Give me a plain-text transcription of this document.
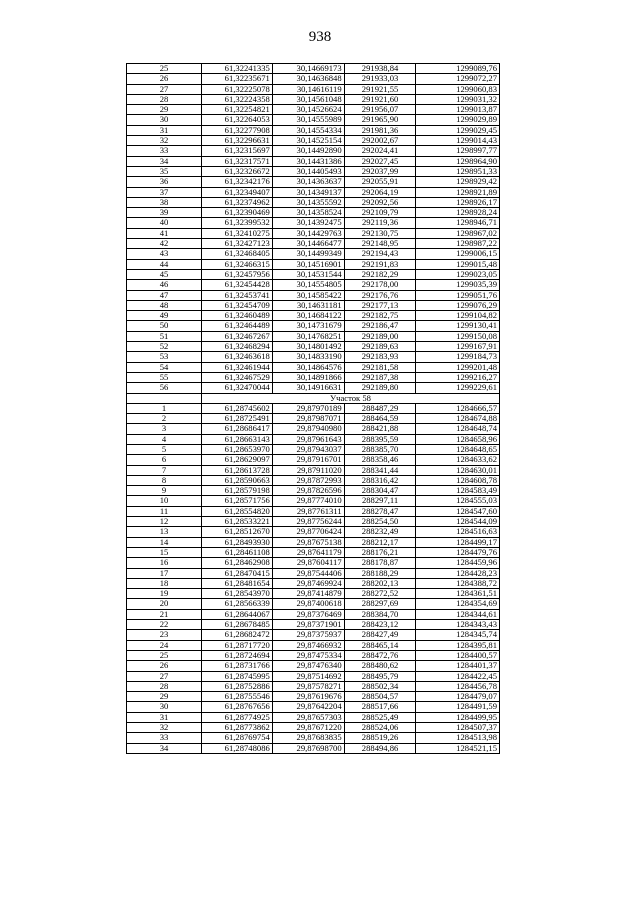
938
25	61,32241335	30,14669173	291938,84	1299089,76
26	61,32235671	30,14636848	291933,03	1299072,27
27	61,32225078	30,14616119	291921,55	1299060,83
28	61,32224358	30,14561048	291921,60	1299031,32
29	61,32254821	30,14526624	291956,07	1299013,87
30	61,32264053	30,14555989	291965,90	1299029,89
31	61,32277908	30,14554334	291981,36	1299029,45
32	61,32296631	30,14525154	292002,67	1299014,43
33	61,32315697	30,14492890	292024,41	1298997,77
34	61,32317571	30,14431386	292027,45	1298964,90
35	61,32326672	30,14405493	292037,99	1298951,33
36	61,32342176	30,14363637	292055,91	1298929,42
37	61,32349407	30,14349137	292064,19	1298921,89
38	61,32374962	30,14355592	292092,56	1298926,17
39	61,32390469	30,14358524	292109,79	1298928,24
40	61,32399532	30,14392475	292119,36	1298946,71
41	61,32410275	30,14429763	292130,75	1298967,02
42	61,32427123	30,14466477	292148,95	1298987,22
43	61,32468405	30,14499349	292194,43	1299006,15
44	61,32466315	30,14516901	292191,83	1299015,48
45	61,32457956	30,14531544	292182,29	1299023,05
46	61,32454428	30,14554805	292178,00	1299035,39
47	61,32453741	30,14585422	292176,76	1299051,76
48	61,32454709	30,14631181	292177,13	1299076,29
49	61,32460489	30,14684122	292182,75	1299104,82
50	61,32464489	30,14731679	292186,47	1299130,41
51	61,32467267	30,14768251	292189,00	1299150,08
52	61,32468294	30,14801492	292189,63	1299167,91
53	61,32463618	30,14833190	292183,93	1299184,73
54	61,32461944	30,14864576	292181,58	1299201,48
55	61,32467529	30,14891866	292187,38	1299216,27
56	61,32470044	30,14916631	292189,80	1299229,61
	Участок 58			
1	61,28745602	29,87970189	288487,29	1284666,57
2	61,28725491	29,87987071	288464,59	1284674,88
3	61,28686417	29,87940980	288421,88	1284648,74
4	61,28663143	29,87961643	288395,59	1284658,96
5	61,28653970	29,87943037	288385,70	1284648,65
6	61,28629097	29,87916701	288358,46	1284633,62
7	61,28613728	29,87911020	288341,44	1284630,01
8	61,28590663	29,87872993	288316,42	1284608,78
9	61,28579198	29,87826596	288304,47	1284583,49
10	61,28571756	29,87774010	288297,11	1284555,03
11	61,28554820	29,87761311	288278,47	1284547,60
12	61,28533221	29,87756244	288254,50	1284544,09
13	61,28512670	29,87706424	288232,49	1284516,63
14	61,28493930	29,87675138	288212,17	1284499,17
15	61,28461108	29,87641179	288176,21	1284479,76
16	61,28462908	29,87604117	288178,87	1284459,96
17	61,28470415	29,87544406	288188,29	1284428,23
18	61,28481654	29,87469924	288202,13	1284388,72
19	61,28543970	29,87414879	288272,52	1284361,51
20	61,28566339	29,87400618	288297,69	1284354,69
21	61,28644067	29,87376469	288384,70	1284344,61
22	61,28678485	29,87371901	288423,12	1284343,43
23	61,28682472	29,87375937	288427,49	1284345,74
24	61,28717720	29,87466932	288465,14	1284395,81
25	61,28724694	29,87475334	288472,76	1284400,57
26	61,28731766	29,87476340	288480,62	1284401,37
27	61,28745995	29,87514692	288495,79	1284422,45
28	61,28752886	29,87578271	288502,34	1284456,78
29	61,28755546	29,87619676	288504,57	1284479,07
30	61,28767656	29,87642204	288517,66	1284491,59
31	61,28774925	29,87657303	288525,49	1284499,95
32	61,28773862	29,87671220	288524,06	1284507,37
33	61,28769754	29,87683835	288519,26	1284513,98
34	61,28748086	29,87698700	288494,86	1284521,15
